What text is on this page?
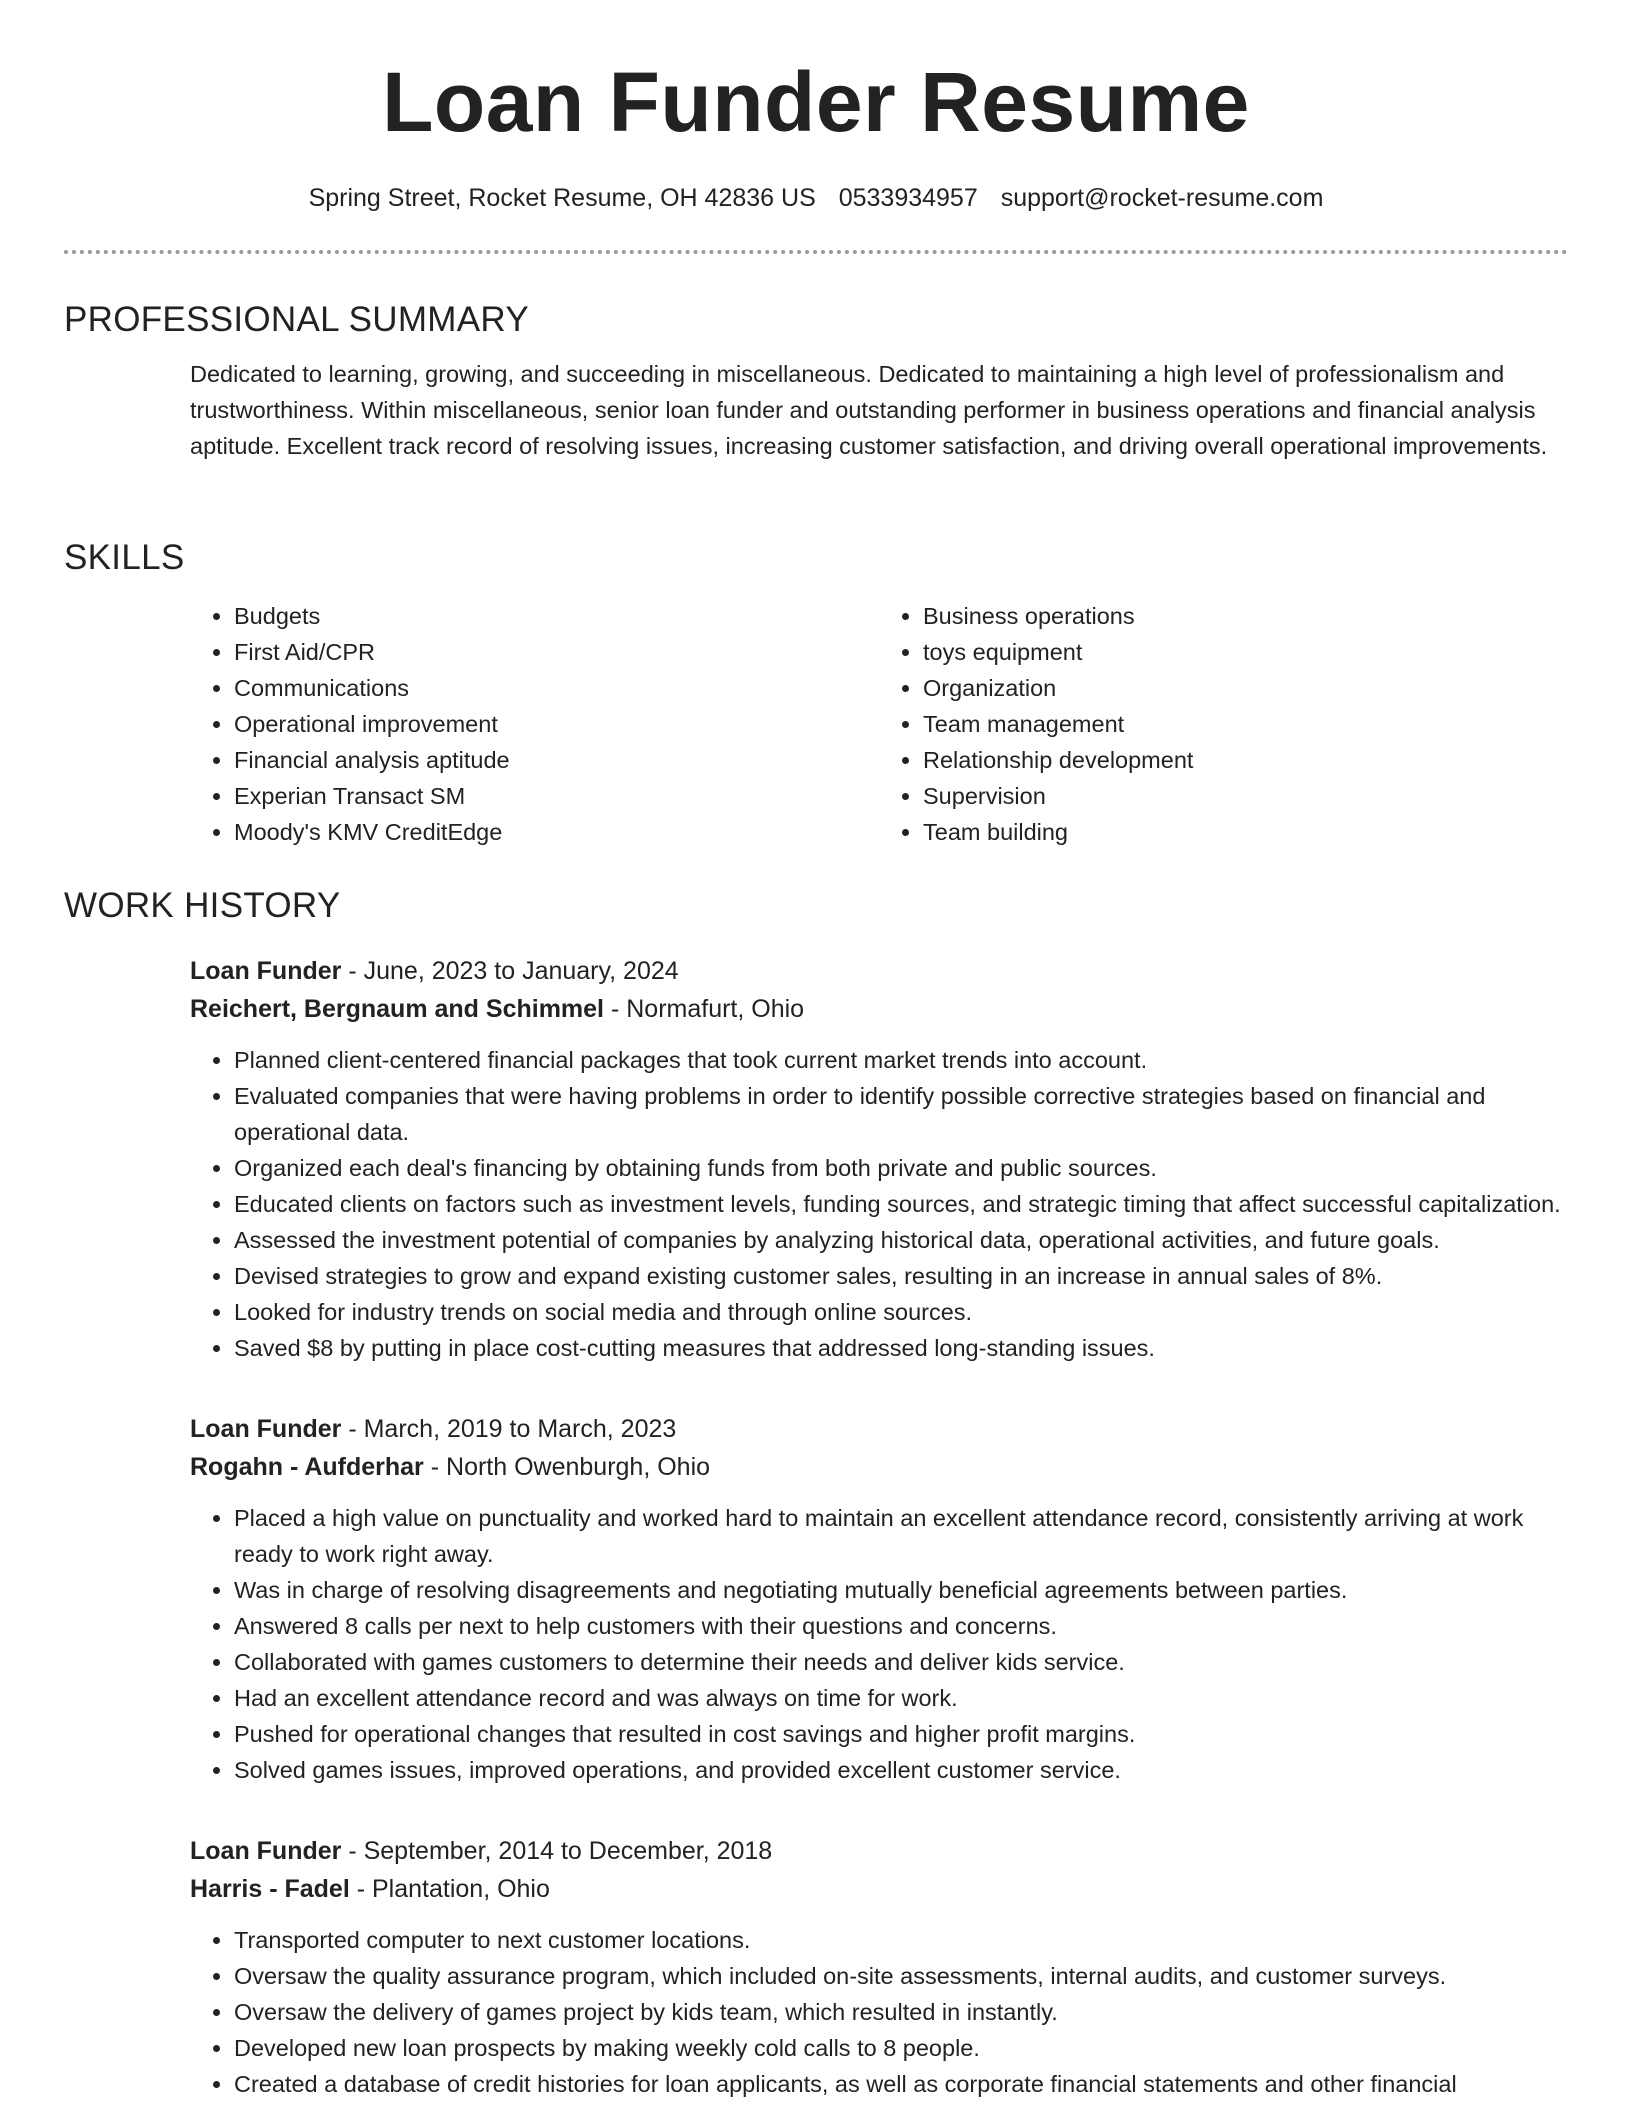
Loan Funder Resume
Spring Street, Rocket Resume, OH 42836 US 0533934957 support@rocket-resume.com
PROFESSIONAL SUMMARY

Dedicated to learning, growing, and succeeding in miscellaneous. Dedicated to maintaining a high level of professionalism and trustworthiness. Within miscellaneous, senior loan funder and outstanding performer in business operations and financial analysis aptitude. Excellent track record of resolving issues, increasing customer satisfaction, and driving overall operational improvements.

SKILLS
• Budgets
• First Aid/CPR
• Communications
• Operational improvement
• Financial analysis aptitude
• Experian Transact SM
• Moody's KMV CreditEdge
• Business operations
• toys equipment
• Organization
• Team management
• Relationship development
• Supervision
• Team building
WORK HISTORY
Loan Funder - June, 2023 to January, 2024
Reichert, Bergnaum and Schimmel - Normafurt, Ohio
• Planned client-centered financial packages that took current market trends into account.
• Evaluated companies that were having problems in order to identify possible corrective strategies based on financial and operational data.
• Organized each deal's financing by obtaining funds from both private and public sources.
• Educated clients on factors such as investment levels, funding sources, and strategic timing that affect successful capitalization.
• Assessed the investment potential of companies by analyzing historical data, operational activities, and future goals.
• Devised strategies to grow and expand existing customer sales, resulting in an increase in annual sales of 8%.
• Looked for industry trends on social media and through online sources.
• Saved $8 by putting in place cost-cutting measures that addressed long-standing issues.
Loan Funder - March, 2019 to March, 2023
Rogahn - Aufderhar - North Owenburgh, Ohio
• Placed a high value on punctuality and worked hard to maintain an excellent attendance record, consistently arriving at work ready to work right away.
• Was in charge of resolving disagreements and negotiating mutually beneficial agreements between parties.
• Answered 8 calls per next to help customers with their questions and concerns.
• Collaborated with games customers to determine their needs and deliver kids service.
• Had an excellent attendance record and was always on time for work.
• Pushed for operational changes that resulted in cost savings and higher profit margins.
• Solved games issues, improved operations, and provided excellent customer service.
Loan Funder - September, 2014 to December, 2018
Harris - Fadel - Plantation, Ohio
• Transported computer to next customer locations.
• Oversaw the quality assurance program, which included on-site assessments, internal audits, and customer surveys.
• Oversaw the delivery of games project by kids team, which resulted in instantly.
• Developed new loan prospects by making weekly cold calls to 8 people.
• Created a database of credit histories for loan applicants, as well as corporate financial statements and other financial
